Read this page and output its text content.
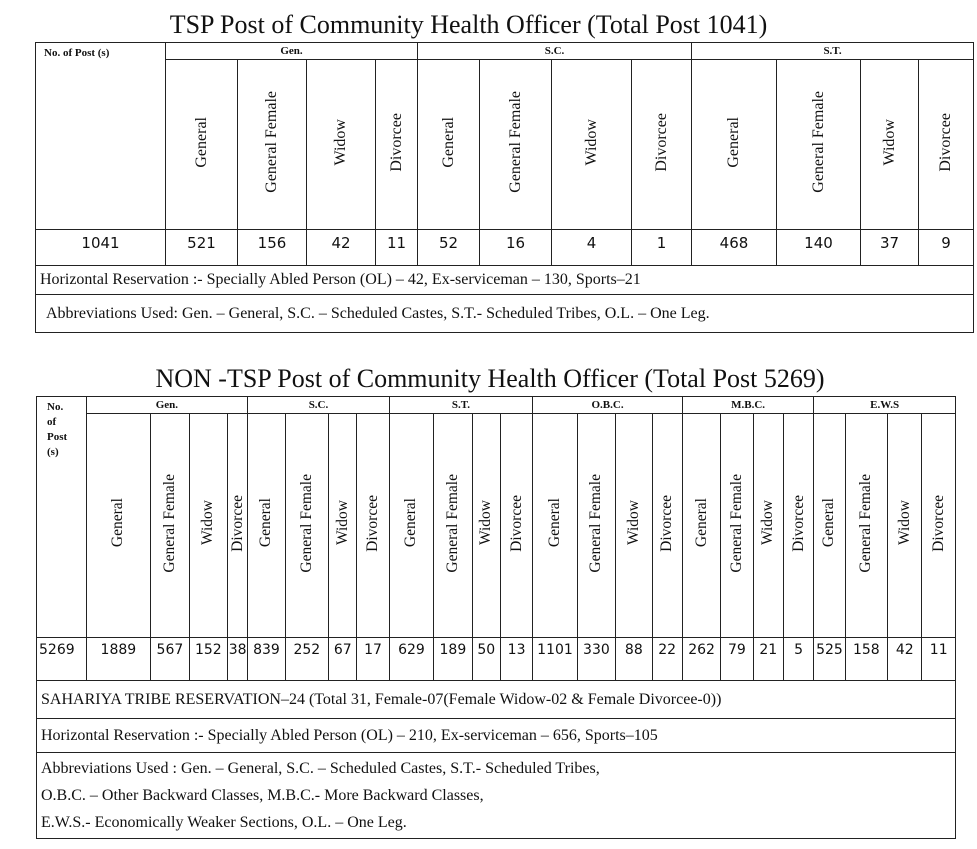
TSP Post of Community Health Officer (Total Post 1041)
No. of Post (s)	Gen.				S.C.				S.T.			
	General	General Female	Widow	Divorcee	General	General Female	Widow	Divorcee	General	General Female	Widow	Divorcee
1041	521	156	42	11	52	16	4	1	468	140	37	9
Horizontal Reservation :- Specially Abled Person (OL) – 42, Ex-serviceman – 130, Sports–21												
Abbreviations Used: Gen. – General, S.C. – Scheduled Castes, S.T.- Scheduled Tribes, O.L. – One Leg.												
NON -TSP Post of Community Health Officer (Total Post 5269)
No.
of
Post
(s)	Gen.				S.C.				S.T.				O.B.C.				M.B.C.				E.W.S			
	General	General Female	Widow	Divorcee	General	General Female	Widow	Divorcee	General	General Female	Widow	Divorcee	General	General Female	Widow	Divorcee	General	General Female	Widow	Divorcee	General	General Female	Widow	Divorcee
5269	1889	567	152	38	839	252	67	17	629	189	50	13	1101	330	88	22	262	79	21	5	525	158	42	11
SAHARIYA TRIBE RESERVATION–24 (Total 31, Female-07(Female Widow-02 & Female Divorcee-0))																								
Horizontal Reservation :- Specially Abled Person (OL) – 210, Ex-serviceman – 656, Sports–105																								

Abbreviations Used : Gen. – General, S.C. – Scheduled Castes, S.T.- Scheduled Tribes,
O.B.C. – Other Backward Classes, M.B.C.- More Backward Classes,
E.W.S.- Economically Weaker Sections, O.L. – One Leg.																								
